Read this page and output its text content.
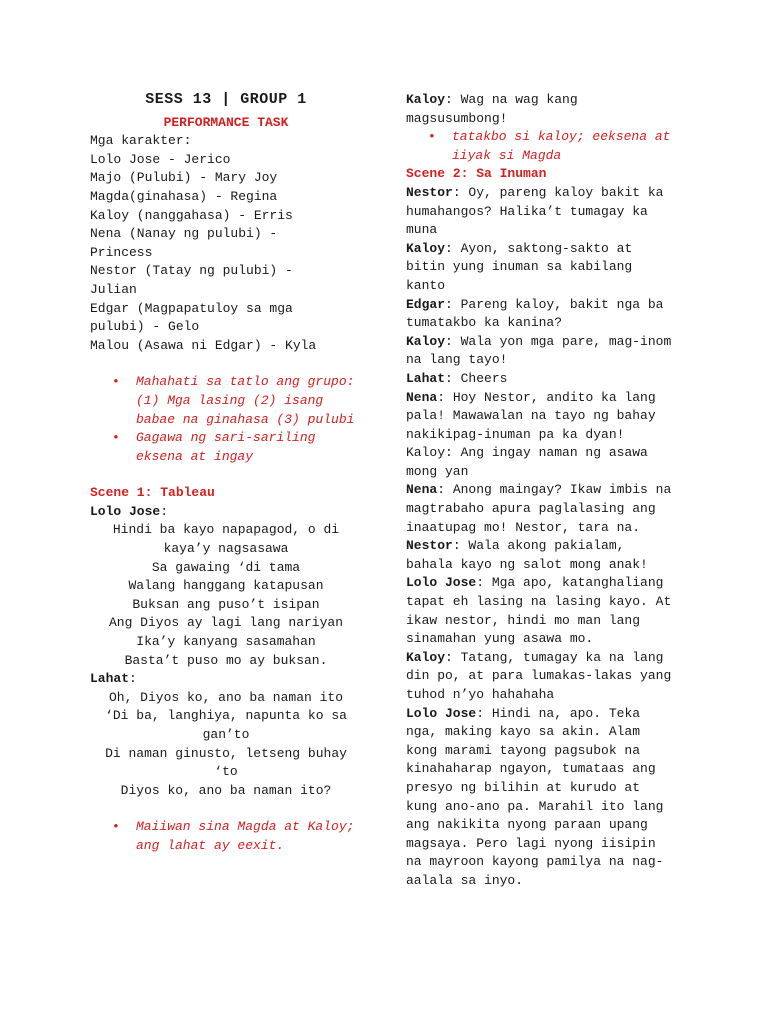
SESS 13 | GROUP 1

PERFORMANCE TASK

Mga karakter:

Lolo Jose - Jerico

Majo (Pulubi) - Mary Joy

Magda(ginahasa) - Regina

Kaloy (nanggahasa) - Erris

Nena (Nanay ng pulubi) -

Princess

Nestor (Tatay ng pulubi) -

Julian

Edgar (Magpapatuloy sa mga

pulubi) - Gelo

Malou (Asawa ni Edgar) - Kyla

• Mahahati sa tatlo ang grupo: (1) Mga lasing (2) isang babae na ginahasa (3) pulubi
• Gagawa ng sari-sariling eksena at ingay

Scene 1: Tableau

Lolo Jose:

Hindi ba kayo napapagod, o di

kaya’y nagsasawa

Sa gawaing ‘di tama

Walang hanggang katapusan

Buksan ang puso’t isipan

Ang Diyos ay lagi lang nariyan

Ika’y kanyang sasamahan

Basta’t puso mo ay buksan.

Lahat:

Oh, Diyos ko, ano ba naman ito

‘Di ba, langhiya, napunta ko sa

gan’to

Di naman ginusto, letseng buhay

‘to

Diyos ko, ano ba naman ito?

• Maiiwan sina Magda at Kaloy; ang lahat ay eexit.

Kaloy: Wag na wag kang magsusumbong!

• tatakbo si kaloy; eeksena at iiyak si Magda

Scene 2: Sa Inuman

Nestor: Oy, pareng kaloy bakit ka humahangos? Halika’t tumagay ka muna

Kaloy: Ayon, saktong-sakto at bitin yung inuman sa kabilang kanto

Edgar: Pareng kaloy, bakit nga ba tumatakbo ka kanina?

Kaloy: Wala yon mga pare, mag-inom na lang tayo!

Lahat: Cheers

Nena: Hoy Nestor, andito ka lang pala! Mawawalan na tayo ng bahay nakikipag-inuman pa ka dyan!

Kaloy: Ang ingay naman ng asawa mong yan

Nena: Anong maingay? Ikaw imbis na magtrabaho apura paglalasing ang inaatupag mo! Nestor, tara na.

Nestor: Wala akong pakialam, bahala kayo ng salot mong anak!

Lolo Jose: Mga apo, katanghaliang tapat eh lasing na lasing kayo. At ikaw nestor, hindi mo man lang sinamahan yung asawa mo.

Kaloy: Tatang, tumagay ka na lang din po, at para lumakas-lakas yang tuhod n’yo hahahaha

Lolo Jose: Hindi na, apo. Teka nga, making kayo sa akin. Alam kong marami tayong pagsubok na kinahaharap ngayon, tumataas ang presyo ng bilihin at kurudo at kung ano-ano pa. Marahil ito lang ang nakikita nyong paraan upang magsaya. Pero lagi nyong iisipin na mayroon kayong pamilya na nag-aalala sa inyo.
